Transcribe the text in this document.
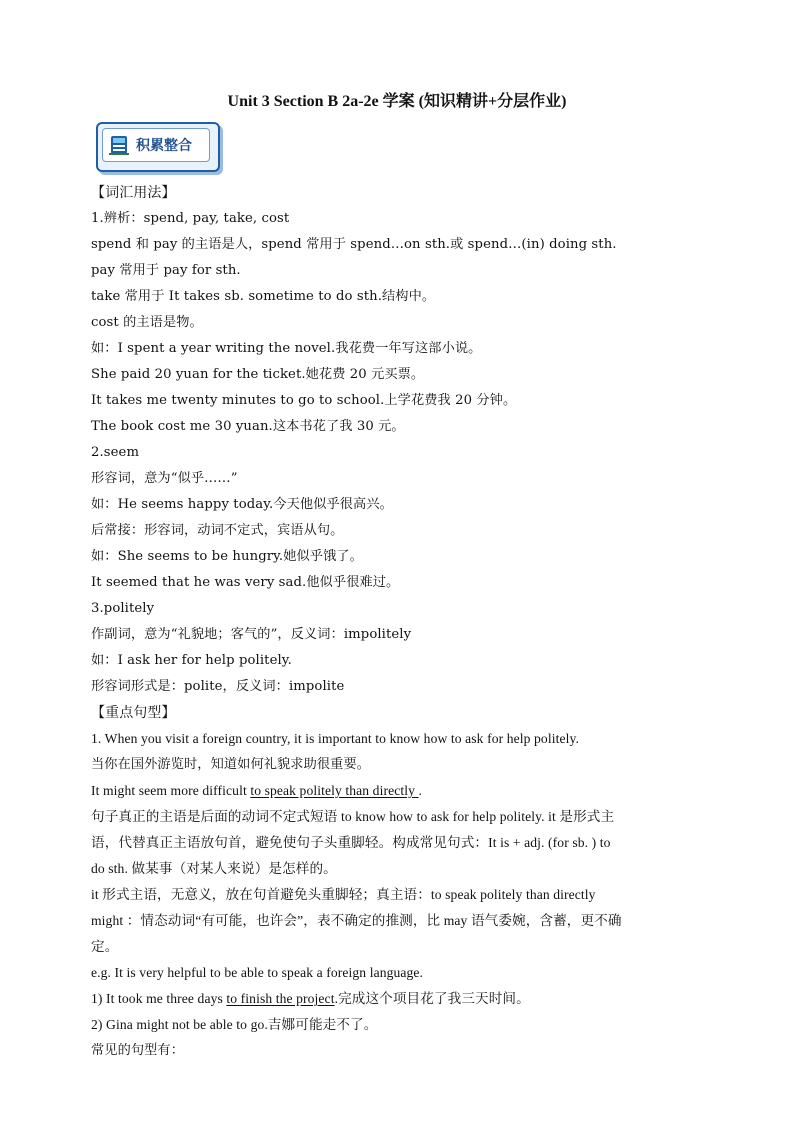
Unit 3 Section B 2a-2e 学案 (知识精讲+分层作业)
积累整合
【词汇用法】
1.辨析：spend, pay, take, cost
spend 和 pay 的主语是人，spend 常用于 spend…on sth.或 spend…(in) doing sth.
pay 常用于 pay for sth.
take 常用于 It takes sb. sometime to do sth.结构中。
cost 的主语是物。
如：I spent a year writing the novel.我花费一年写这部小说。
She paid 20 yuan for the ticket.她花费 20 元买票。
It takes me twenty minutes to go to school.上学花费我 20 分钟。
The book cost me 30 yuan.这本书花了我 30 元。
2.seem
形容词，意为“似乎……”
如：He seems happy today.今天他似乎很高兴。
后常接：形容词，动词不定式，宾语从句。
如：She seems to be hungry.她似乎饿了。
It seemed that he was very sad.他似乎很难过。
3.politely
作副词，意为“礼貌地；客气的”，反义词：impolitely
如：I ask her for help politely.
形容词形式是：polite，反义词：impolite
【重点句型】
1. When you visit a foreign country, it is important to know how to ask for help politely.
当你在国外游览时，知道如何礼貌求助很重要。
It might seem more difficult to speak politely than directly .
句子真正的主语是后面的动词不定式短语 to know how to ask for help politely. it 是形式主
语，代替真正主语放句首，避免使句子头重脚轻。构成常见句式：It is + adj. (for sb. ) to
do sth. 做某事（对某人来说）是怎样的。
it 形式主语，无意义，放在句首避免头重脚轻；真主语：to speak politely than directly
might ：情态动词“有可能，也许会”，表不确定的推测，比 may 语气委婉，含蓄，更不确
定。
e.g. It is very helpful to be able to speak a foreign language.
1) It took me three days to finish the project.完成这个项目花了我三天时间。
2) Gina might not be able to go.吉娜可能走不了。
常见的句型有：
